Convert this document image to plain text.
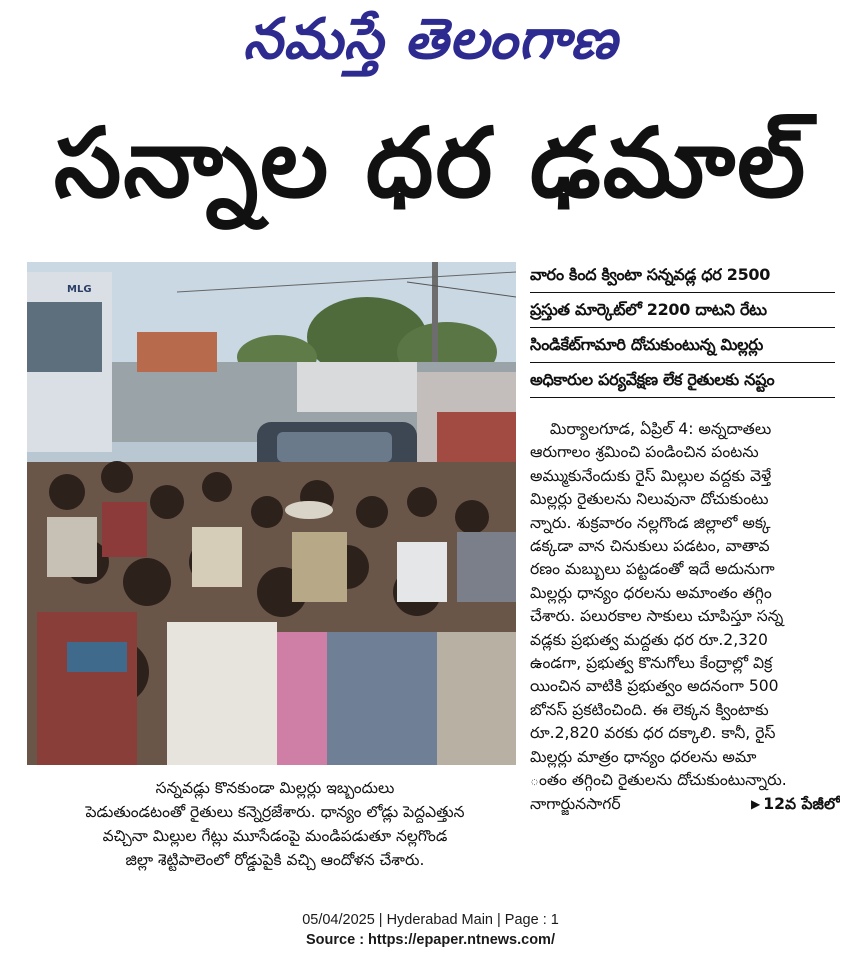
నమస్తే తెలంగాణ
సన్నాల ధర ఢమాల్
MLG
సన్నవడ్లు కొనకుండా మిల్లర్లు ఇబ్బందులు
పెడుతుండటంతో రైతులు కన్నెర్రజేశారు. ధాన్యం లోడ్లు పెద్దఎత్తున
వచ్చినా మిల్లుల గేట్లు మూసేడంపై మండిపడుతూ నల్లగొండ
జిల్లా శెట్టిపాలెంలో రోడ్డుపైకి వచ్చి ఆందోళన చేశారు.
వారం కింద క్వింటా సన్నవడ్ల ధర 2500
ప్రస్తుత మార్కెట్‌లో 2200 దాటని రేటు
సిండికేట్‌గామారి దోచుకుంటున్న మిల్లర్లు
అధికారుల పర్యవేక్షణ లేక రైతులకు నష్టం
మిర్యాలగూడ, ఏప్రిల్ 4: అన్నదాతలు
ఆరుగాలం శ్రమించి పండించిన పంటను
అమ్ముకునేందుకు రైస్ మిల్లుల వద్దకు వెళ్తే
మిల్లర్లు రైతులను నిలువునా దోచుకుంటు
న్నారు. శుక్రవారం నల్లగొండ జిల్లాలో అక్క
డక్కడా వాన చినుకులు పడటం, వాతావ
రణం మబ్బులు పట్టడంతో ఇదే అదునుగా
మిల్లర్లు ధాన్యం ధరలను అమాంతం తగ్గిం
చేశారు. పలురకాల సాకులు చూపిస్తూ సన్న
వడ్లకు ప్రభుత్వ మద్దతు ధర రూ.2,320
ఉండగా, ప్రభుత్వ కొనుగోలు కేంద్రాల్లో విక్ర
యించిన వాటికి ప్రభుత్వం అదనంగా 500
బోనస్ ప్రకటించింది. ఈ లెక్కన క్వింటాకు
రూ.2,820 వరకు ధర దక్కాలి. కానీ, రైస్
మిల్లర్లు మాత్రం ధాన్యం ధరలను అమా
ంతం తగ్గించి రైతులను దోచుకుంటున్నారు.
నాగార్జునసాగర్	▶ 12వ పేజీలో
05/04/2025 | Hyderabad Main | Page : 1
Source : https://epaper.ntnews.com/
